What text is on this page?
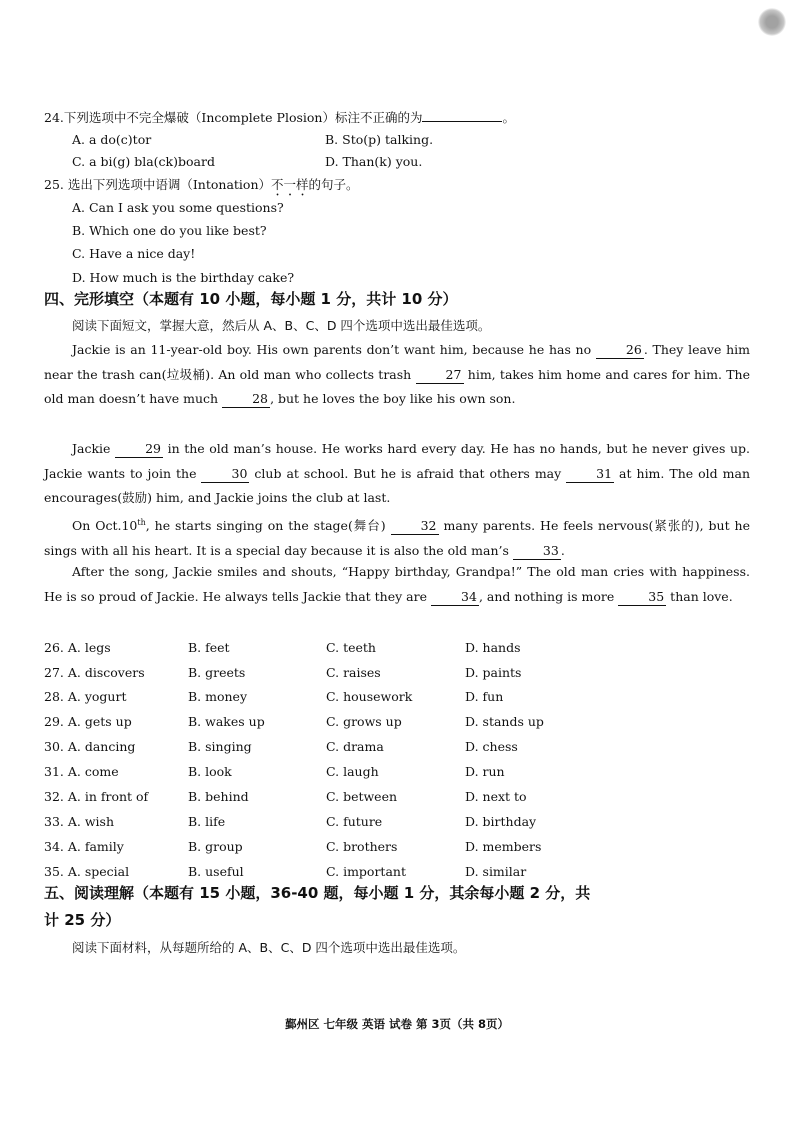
24.下列选项中不完全爆破（Incomplete Plosion）标注不正确的为	。
A. a do(c)tor	B. Sto(p) talking.
C. a bi(g) bla(ck)board	D. Than(k) you.
25. 选出下列选项中语调（Intonation）不一样的句子。
A. Can I ask you some questions?
B. Which one do you like best?
C. Have a nice day!
D. How much is the birthday cake?
四、完形填空（本题有 10 小题，每小题 1 分，共计 10 分）
阅读下面短文，掌握大意，然后从 A、B、C、D 四个选项中选出最佳选项。
Jackie is an 11-year-old boy. His own parents don’t want him, because he has no 26 . They leave him near the trash can(垃圾桶). An old man who collects trash 27 him, takes him home and cares for him. The old man doesn’t have much 28 , but he loves the boy like his own son.
Jackie 29 in the old man’s house. He works hard every day. He has no hands, but he never gives up. Jackie wants to join the 30 club at school. But he is afraid that others may 31 at him. The old man encourages(鼓励) him, and Jackie joins the club at last.
On Oct.10th, he starts singing on the stage(舞台) 32 many parents. He feels nervous(紧张的), but he sings with all his heart. It is a special day because it is also the old man’s 33 .
After the song, Jackie smiles and shouts, “Happy birthday, Grandpa!” The old man cries with happiness. He is so proud of Jackie. He always tells Jackie that they are 34 , and nothing is more 35 than love.
26. A. legs	B. feet	C. teeth	D. hands
27. A. discovers	B. greets	C. raises	D. paints
28. A. yogurt	B. money	C. housework	D. fun
29. A. gets up	B. wakes up	C. grows up	D. stands up
30. A. dancing	B. singing	C. drama	D. chess
31. A. come	B. look	C. laugh	D. run
32. A. in front of	B. behind	C. between	D. next to
33. A. wish	B. life	C. future	D. birthday
34. A. family	B. group	C. brothers	D. members
35. A. special	B. useful	C. important	D. similar
五、阅读理解（本题有 15 小题，36-40 题，每小题 1 分，其余每小题 2 分，共
计 25 分）
阅读下面材料，从每题所给的 A、B、C、D 四个选项中选出最佳选项。
鄞州区 七年级 英语 试卷 第 3页（共 8页）
